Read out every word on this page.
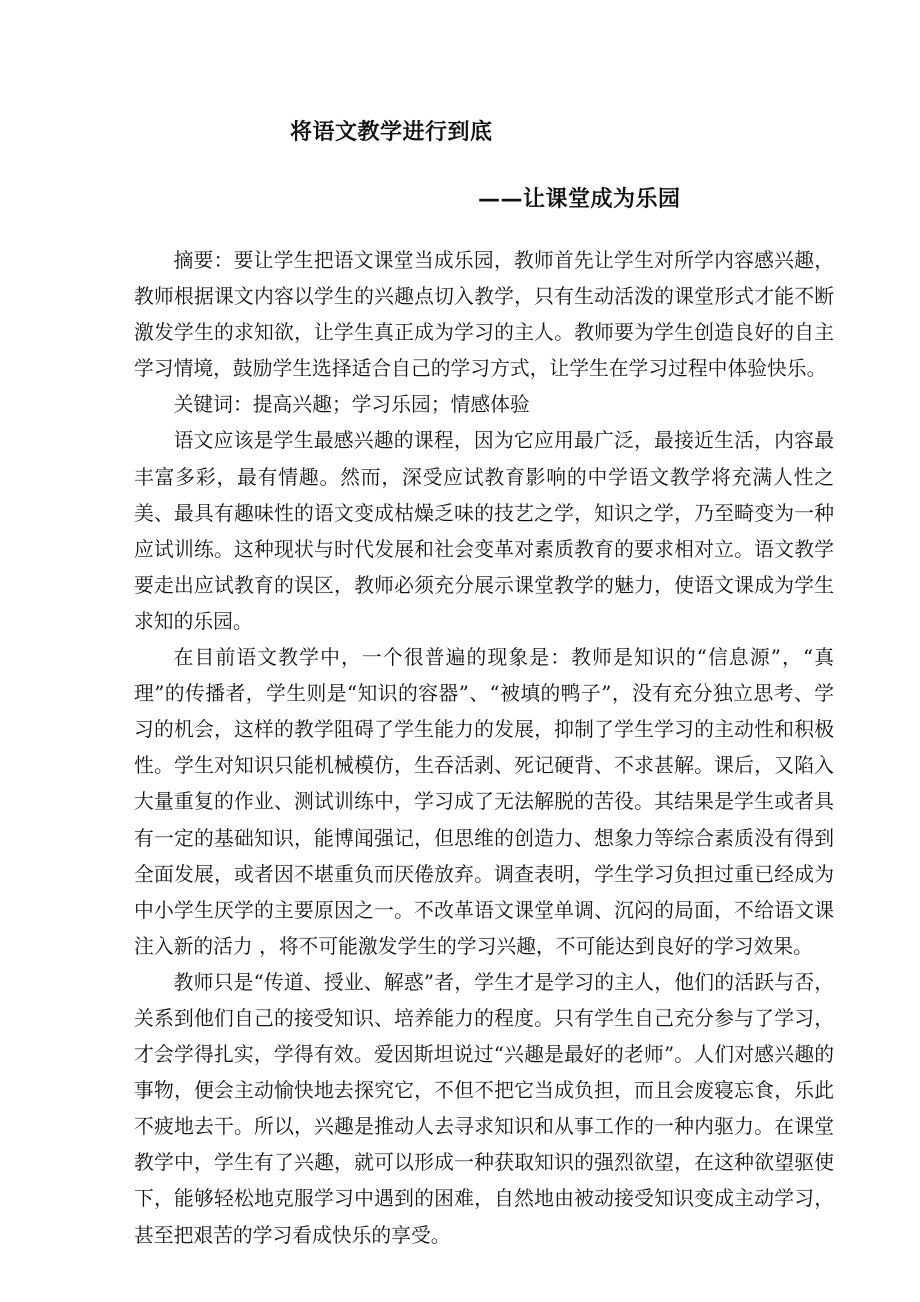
将语文教学进行到底
——让课堂成为乐园

摘要：要让学生把语文课堂当成乐园，教师首先让学生对所学内容感兴趣，教师根据课文内容以学生的兴趣点切入教学，只有生动活泼的课堂形式才能不断激发学生的求知欲，让学生真正成为学习的主人。教师要为学生创造良好的自主学习情境，鼓励学生选择适合自己的学习方式，让学生在学习过程中体验快乐。

关键词：提高兴趣；学习乐园；情感体验

语文应该是学生最感兴趣的课程，因为它应用最广泛，最接近生活，内容最丰富多彩，最有情趣。然而，深受应试教育影响的中学语文教学将充满人性之美、最具有趣味性的语文变成枯燥乏味的技艺之学，知识之学，乃至畸变为一种应试训练。这种现状与时代发展和社会变革对素质教育的要求相对立。语文教学要走出应试教育的误区，教师必须充分展示课堂教学的魅力，使语文课成为学生求知的乐园。

在目前语文教学中，一个很普遍的现象是：教师是知识的“信息源”，“真理”的传播者，学生则是“知识的容器”、“被填的鸭子”，没有充分独立思考、学习的机会，这样的教学阻碍了学生能力的发展，抑制了学生学习的主动性和积极性。学生对知识只能机械模仿，生吞活剥、死记硬背、不求甚解。课后，又陷入大量重复的作业、测试训练中，学习成了无法解脱的苦役。其结果是学生或者具有一定的基础知识，能博闻强记，但思维的创造力、想象力等综合素质没有得到全面发展，或者因不堪重负而厌倦放弃。调查表明，学生学习负担过重已经成为中小学生厌学的主要原因之一。不改革语文课堂单调、沉闷的局面，不给语文课注入新的活力 ，将不可能激发学生的学习兴趣，不可能达到良好的学习效果。

教师只是“传道、授业、解惑”者，学生才是学习的主人，他们的活跃与否，关系到他们自己的接受知识、培养能力的程度。只有学生自己充分参与了学习，才会学得扎实，学得有效。爱因斯坦说过“兴趣是最好的老师”。人们对感兴趣的事物，便会主动愉快地去探究它，不但不把它当成负担，而且会废寝忘食，乐此不疲地去干。所以，兴趣是推动人去寻求知识和从事工作的一种内驱力。在课堂教学中，学生有了兴趣，就可以形成一种获取知识的强烈欲望，在这种欲望驱使下，能够轻松地克服学习中遇到的困难，自然地由被动接受知识变成主动学习，甚至把艰苦的学习看成快乐的享受。
